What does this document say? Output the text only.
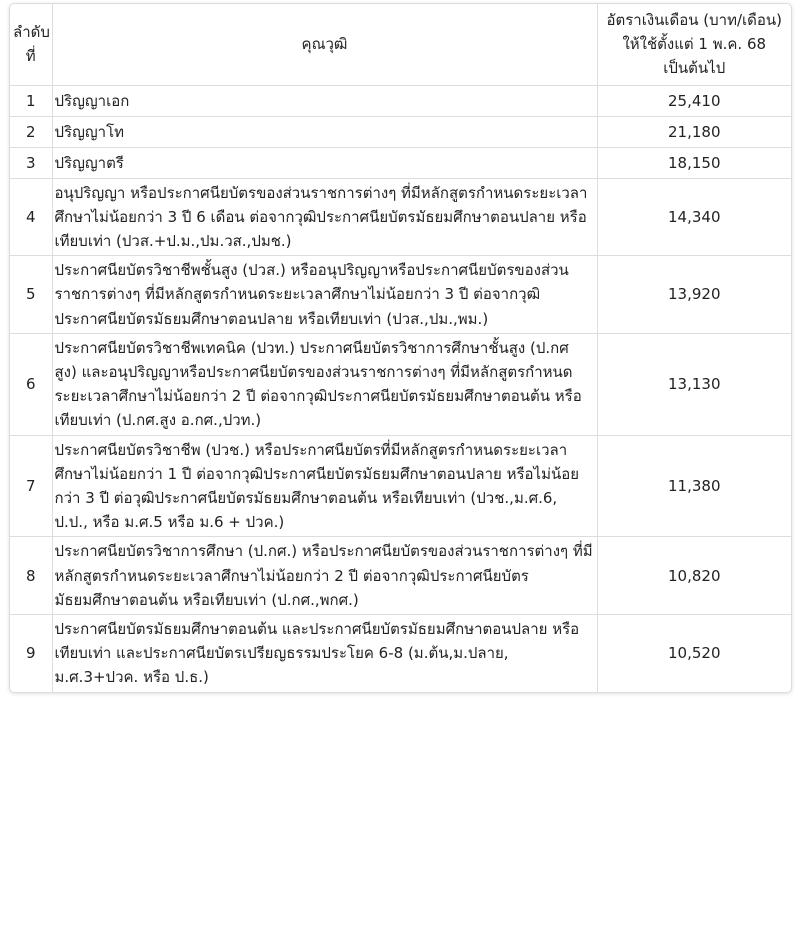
ลำดับที่	คุณวุฒิ	อัตราเงินเดือน (บาท/เดือน) ให้ใช้ตั้งแต่ 1 พ.ค. 68 เป็นต้นไป
1	ปริญญาเอก	25,410
2	ปริญญาโท	21,180
3	ปริญญาตรี	18,150
4	อนุปริญญา หรือประกาศนียบัตรของส่วนราชการต่างๆ ที่มีหลักสูตรกำหนดระยะเวลาศึกษาไม่น้อยกว่า 3 ปี 6 เดือน ต่อจากวุฒิประกาศนียบัตรมัธยมศึกษาตอนปลาย หรือเทียบเท่า (ปวส.+ป.ม.,ปม.วส.,ปมช.)	14,340
5	ประกาศนียบัตรวิชาชีพชั้นสูง (ปวส.) หรืออนุปริญญาหรือประกาศนียบัตรของส่วนราชการต่างๆ ที่มีหลักสูตรกำหนดระยะเวลาศึกษาไม่น้อยกว่า 3 ปี ต่อจากวุฒิประกาศนียบัตรมัธยมศึกษาตอนปลาย หรือเทียบเท่า (ปวส.,ปม.,พม.)	13,920
6	ประกาศนียบัตรวิชาชีพเทคนิค (ปวท.) ประกาศนียบัตรวิชาการศึกษาชั้นสูง (ป.กศ สูง) และอนุปริญญาหรือประกาศนียบัตรของส่วนราชการต่างๆ ที่มีหลักสูตรกำหนดระยะเวลาศึกษาไม่น้อยกว่า 2 ปี ต่อจากวุฒิประกาศนียบัตรมัธยมศึกษาตอนต้น หรือเทียบเท่า (ป.กศ.สูง อ.กศ.,ปวท.)	13,130
7	ประกาศนียบัตรวิชาชีพ (ปวช.) หรือประกาศนียบัตรที่มีหลักสูตรกำหนดระยะเวลาศึกษาไม่น้อยกว่า 1 ปี ต่อจากวุฒิประกาศนียบัตรมัธยมศึกษาตอนปลาย หรือไม่น้อยกว่า 3 ปี ต่อวุฒิประกาศนียบัตรมัธยมศึกษาตอนต้น หรือเทียบเท่า (ปวช.,ม.ศ.6, ป.ป., หรือ ม.ศ.5 หรือ ม.6 + ปวค.)	11,380
8	ประกาศนียบัตรวิชาการศึกษา (ป.กศ.) หรือประกาศนียบัตรของส่วนราชการต่างๆ ที่มีหลักสูตรกำหนดระยะเวลาศึกษาไม่น้อยกว่า 2 ปี ต่อจากวุฒิประกาศนียบัตรมัธยมศึกษาตอนต้น หรือเทียบเท่า (ป.กศ.,พกศ.)	10,820
9	ประกาศนียบัตรมัธยมศึกษาตอนต้น และประกาศนียบัตรมัธยมศึกษาตอนปลาย หรือเทียบเท่า และประกาศนียบัตรเปรียญธรรมประโยค 6-8 (ม.ต้น,ม.ปลาย, ม.ศ.3+ปวค. หรือ ป.ธ.)	10,520
